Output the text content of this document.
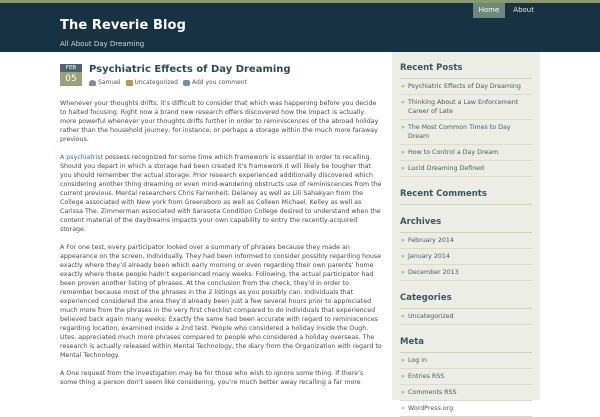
The Reverie Blog
All About Day Dreaming
Home	About
FEB
05
Psychiatric Effects of Day Dreaming
Samuel Uncategorized Add you comment

Whenever your thoughts drifts, it’s difficult to consider that which was happening before you decide to halted focusing. Right now a brand new research offers discovered how the impact is actually more powerful whenever your thoughts drifts further in order to reminiscences of the abroad holiday rather than the household journey, for instance, or perhaps a storage within the much more faraway previous.

A psychiatrist possess recognized for some time which framework is essential in order to recalling. Should you depart in which a storage had been created it’s framework it will likely be tougher that you should remember the actual storage. Prior research experienced additionally discovered which considering another thing dreaming or even mind-wandering obstructs use of reminiscences from the current previous. Mental researchers Chris Farrenheit. Delaney as well as Lili Sahakyan from the College associated with New york from Greensboro as well as Colleen Michael. Kelley as well as Carissa The. Zimmerman associated with Sarasota Condition College desired to understand when the content material of the daydreams impacts your own capability to entry the recently-acquired storage.

A For one test, every participator looked over a summary of phrases because they made an appearance on the screen, individually. They had been informed to consider possibly regarding house exactly where they’d already been which early morning or even regarding their own parents’ home exactly where these people hadn’t experienced many weeks. Following, the actual participator had been proven another listing of phrases. At the conclusion from the check, they’d in order to remember because most of the phrases in the 2 listings as you possibly can. Individuals that experienced considered the area they’d already been just a few several hours prior to appreciated much more from the phrases in the very first checklist compared to do individuals that experienced believed back again many weeks. Exactly the same had been accurate with regard to reminiscences regarding location, examined inside a 2nd test. People who considered a holiday inside the Ough. Utes. appreciated much more phrases compared to people who considered a holiday overseas. The research is actually released within Mental Technology, the diary from the Organization with regard to Mental Technology.

A One request from the investigation may be for those who wish to ignore some thing. If there’s some thing a person don’t seem like considering, you’re much better away recalling a far more

Recent Posts
» Psychiatric Effects of Day Dreaming
» Thinking About a Law Enforcement Career of Late
» The Most Common Times to Day Dream
» How to Control a Day Dream
» Lucid Dreaming Defined
Recent Comments
Archives
» February 2014
» January 2014
» December 2013
Categories
» Uncategorized
Meta
» Log in
» Entries RSS
» Comments RSS
» WordPress.org
